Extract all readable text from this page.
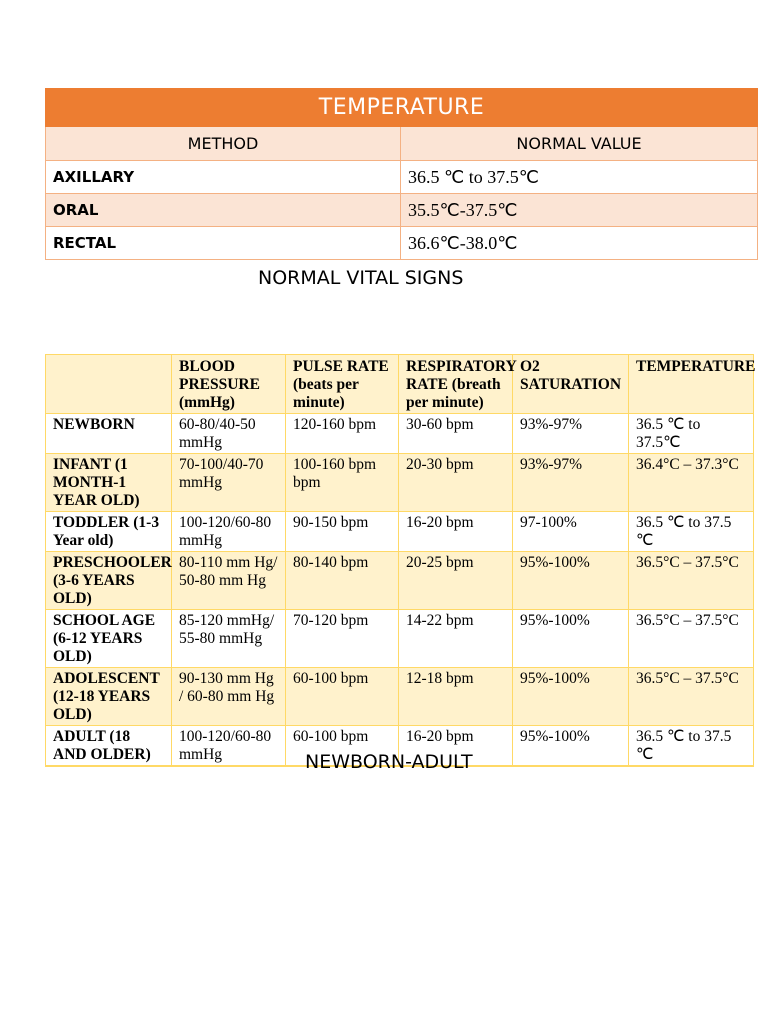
TEMPERATURE	
METHOD	NORMAL VALUE
AXILLARY	36.5 ℃ to 37.5℃
ORAL	35.5℃-37.5℃
RECTAL	36.6℃-38.0℃
NORMAL VITAL SIGNS
	BLOOD PRESSURE (mmHg)	PULSE RATE (beats per minute)	RESPIRATORY RATE (breath per minute)	O2 SATURATION	TEMPERATURE
NEWBORN	60-80/40-50 mmHg	120-160 bpm	30-60 bpm	93%-97%	36.5 ℃ to 37.5℃
INFANT (1 MONTH-1 YEAR OLD)	70-100/40-70 mmHg	100-160 bpm bpm	20-30 bpm	93%-97%	36.4°C – 37.3°C
TODDLER (1-3 Year old)	100-120/60-80 mmHg	90-150 bpm	16-20 bpm	97-100%	36.5 ℃ to 37.5 ℃
PRESCHOOLER (3-6 YEARS OLD)	80-110 mm Hg/ 50-80 mm Hg	80-140 bpm	20-25 bpm	95%-100%	36.5°C – 37.5°C
SCHOOL AGE (6-12 YEARS OLD)	85-120 mmHg/ 55-80 mmHg	70-120 bpm	14-22 bpm	95%-100%	36.5°C – 37.5°C
ADOLESCENT (12-18 YEARS OLD)	90-130 mm Hg / 60-80 mm Hg	60-100 bpm	12-18 bpm	95%-100%	36.5°C – 37.5°C
ADULT (18 AND OLDER)	100-120/60-80 mmHg	60-100 bpm	16-20 bpm	95%-100%	36.5 ℃ to 37.5 ℃
NEWBORN-ADULT
